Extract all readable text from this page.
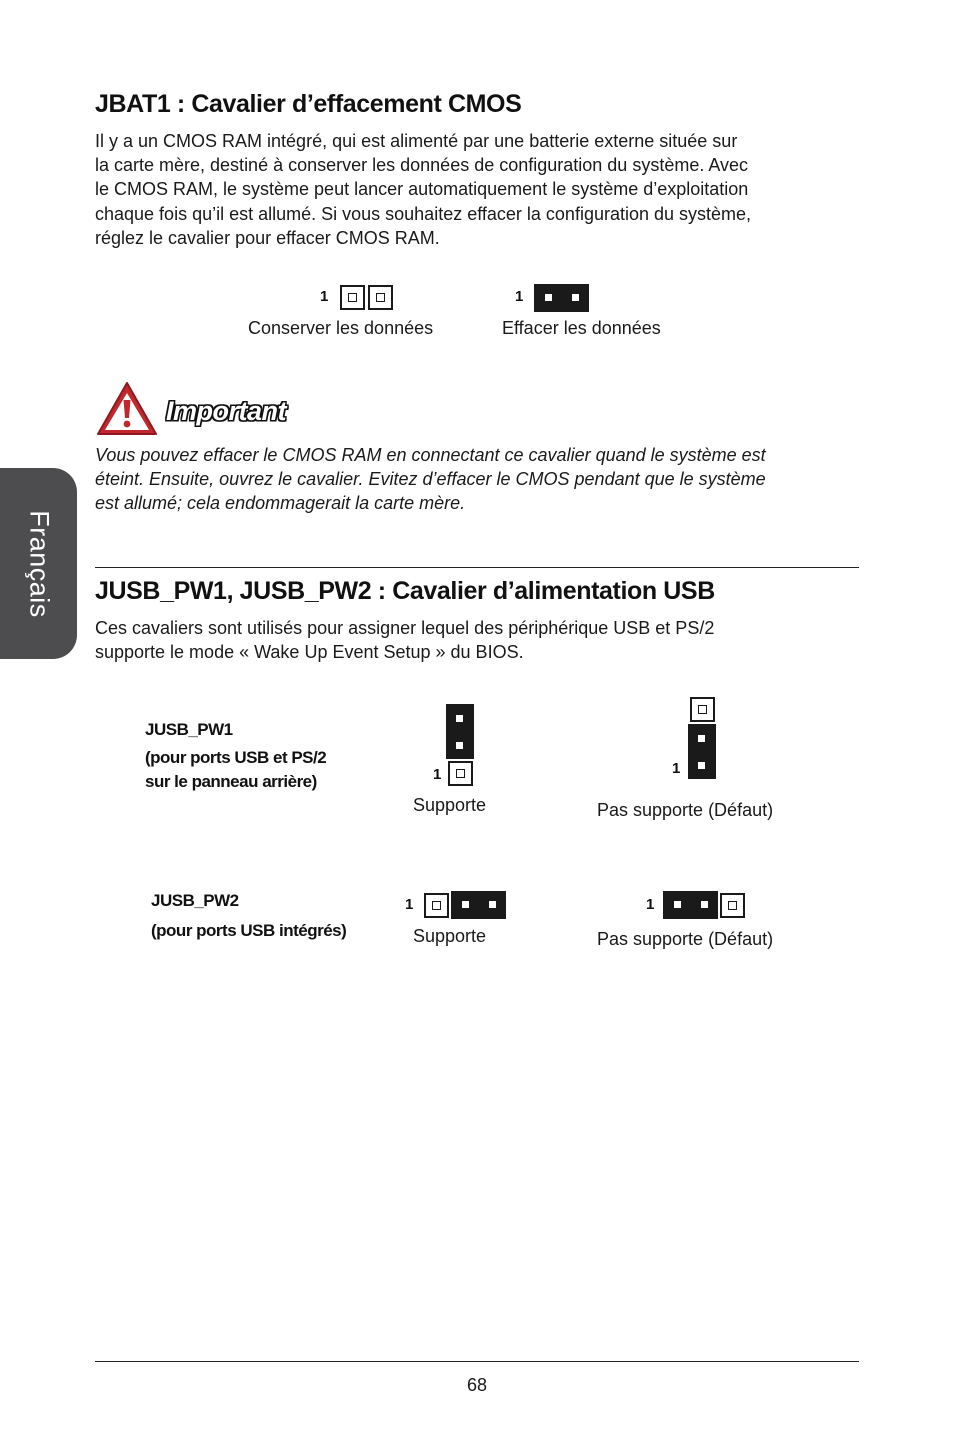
Français
JBAT1 : Cavalier d’effacement CMOS
Il y a un CMOS RAM intégré, qui est alimenté par une batterie externe située sur
la carte mère, destiné à conserver les données de configuration du système. Avec
le CMOS RAM, le système peut lancer automatiquement le système d’exploitation
chaque fois qu’il est allumé. Si vous souhaitez effacer la configuration du système,
réglez le cavalier pour effacer CMOS RAM.
1
Conserver les données
1
Effacer les données
Important
Vous pouvez effacer le CMOS RAM en connectant ce cavalier quand le système est
éteint. Ensuite, ouvrez le cavalier. Evitez d’effacer le CMOS pendant que le système
est allumé; cela endommagerait la carte mère.
JUSB_PW1, JUSB_PW2 : Cavalier d’alimentation USB
Ces cavaliers sont utilisés pour assigner lequel des périphérique USB et PS/2
supporte le mode « Wake Up Event Setup » du BIOS.
JUSB_PW1
(pour ports USB et PS/2
sur le panneau arrière)	1
Supporte
1
Pas supporte (Défaut)
JUSB_PW2
(pour ports USB intégrés)
1
Supporte
1
Pas supporte (Défaut)
68
